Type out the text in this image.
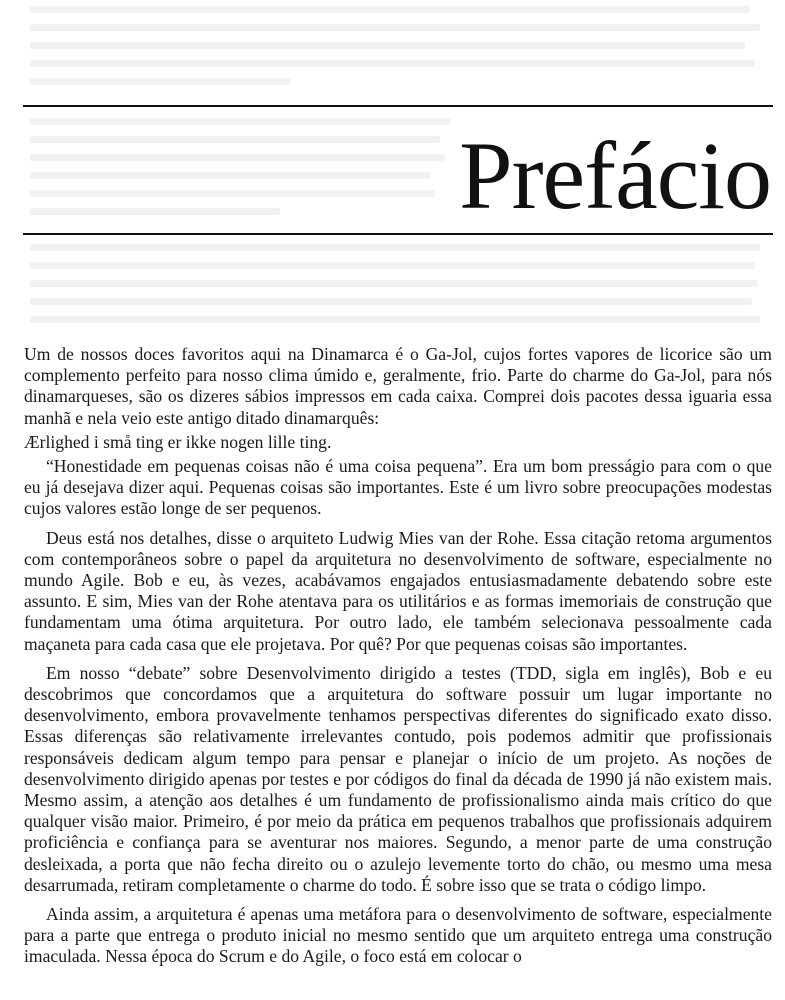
Prefácio

Um de nossos doces favoritos aqui na Dinamarca é o Ga-Jol, cujos fortes vapores de licorice são um complemento perfeito para nosso clima úmido e, geralmente, frio. Parte do charme do Ga-Jol, para nós dinamarqueses, são os dizeres sábios impressos em cada caixa. Comprei dois pacotes dessa iguaria essa manhã e nela veio este antigo ditado dinamarquês:

Ærlighed i små ting er ikke nogen lille ting.

“Honestidade em pequenas coisas não é uma coisa pequena”. Era um bom presságio para com o que eu já desejava dizer aqui. Pequenas coisas são importantes. Este é um livro sobre preocupações modestas cujos valores estão longe de ser pequenos.

Deus está nos detalhes, disse o arquiteto Ludwig Mies van der Rohe. Essa citação retoma argumentos com contemporâneos sobre o papel da arquitetura no desenvolvimento de software, especialmente no mundo Agile. Bob e eu, às vezes, acabávamos engajados entusiasmadamente debatendo sobre este assunto. E sim, Mies van der Rohe atentava para os utilitários e as formas imemoriais de construção que fundamentam uma ótima arquitetura. Por outro lado, ele também selecionava pessoalmente cada maçaneta para cada casa que ele projetava. Por quê? Por que pequenas coisas são importantes.

Em nosso “debate” sobre Desenvolvimento dirigido a testes (TDD, sigla em inglês), Bob e eu descobrimos que concordamos que a arquitetura do software possuir um lugar importante no desenvolvimento, embora provavelmente tenhamos perspectivas diferentes do significado exato disso. Essas diferenças são relativamente irrelevantes contudo, pois podemos admitir que profissionais responsáveis dedicam algum tempo para pensar e planejar o início de um projeto. As noções de desenvolvimento dirigido apenas por testes e por códigos do final da década de 1990 já não existem mais. Mesmo assim, a atenção aos detalhes é um fundamento de profissionalismo ainda mais crítico do que qualquer visão maior. Primeiro, é por meio da prática em pequenos trabalhos que profissionais adquirem proficiência e confiança para se aventurar nos maiores. Segundo, a menor parte de uma construção desleixada, a porta que não fecha direito ou o azulejo levemente torto do chão, ou mesmo uma mesa desarrumada, retiram completamente o charme do todo. É sobre isso que se trata o código limpo.

Ainda assim, a arquitetura é apenas uma metáfora para o desenvolvimento de software, especialmente para a parte que entrega o produto inicial no mesmo sentido que um arquiteto entrega uma construção imaculada. Nessa época do Scrum e do Agile, o foco está em colocar o
